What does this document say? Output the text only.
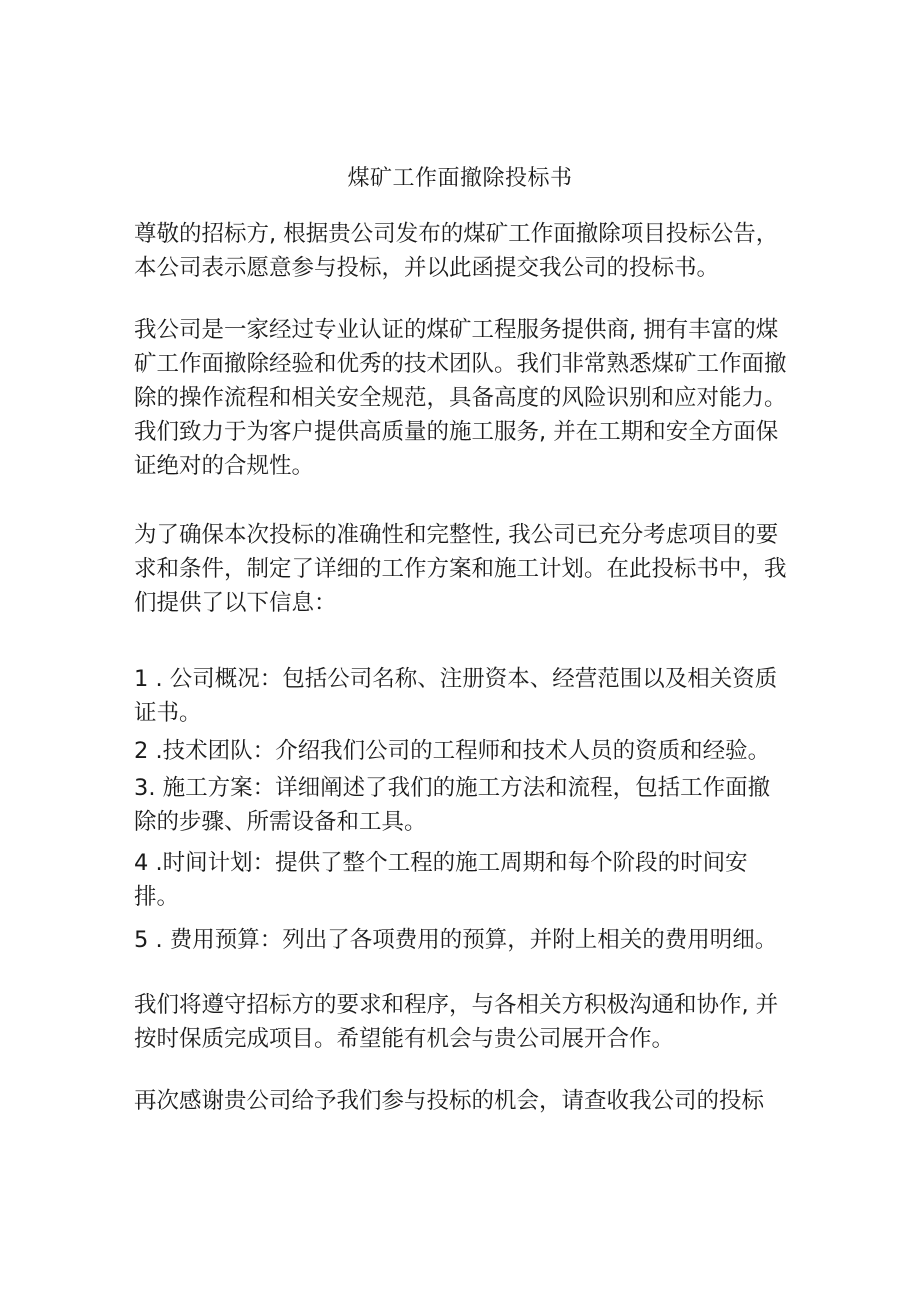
煤矿工作面撤除投标书

尊敬的招标方, 根据贵公司发布的煤矿工作面撤除项目投标公告，
本公司表示愿意参与投标，并以此函提交我公司的投标书。

我公司是一家经过专业认证的煤矿工程服务提供商, 拥有丰富的煤
矿工作面撤除经验和优秀的技术团队。我们非常熟悉煤矿工作面撤
除的操作流程和相关安全规范，具备高度的风险识别和应对能力。
我们致力于为客户提供高质量的施工服务, 并在工期和安全方面保
证绝对的合规性。

为了确保本次投标的准确性和完整性, 我公司已充分考虑项目的要
求和条件，制定了详细的工作方案和施工计划。在此投标书中，我
们提供了以下信息：

1 . 公司概况：包括公司名称、注册资本、经营范围以及相关资质
证书。
2 .技术团队：介绍我们公司的工程师和技术人员的资质和经验。
3. 施工方案：详细阐述了我们的施工方法和流程，包括工作面撤
除的步骤、所需设备和工具。
4 .时间计划：提供了整个工程的施工周期和每个阶段的时间安
排。
5 . 费用预算：列出了各项费用的预算，并附上相关的费用明细。

我们将遵守招标方的要求和程序，与各相关方积极沟通和协作, 并
按时保质完成项目。希望能有机会与贵公司展开合作。

再次感谢贵公司给予我们参与投标的机会，请查收我公司的投标
